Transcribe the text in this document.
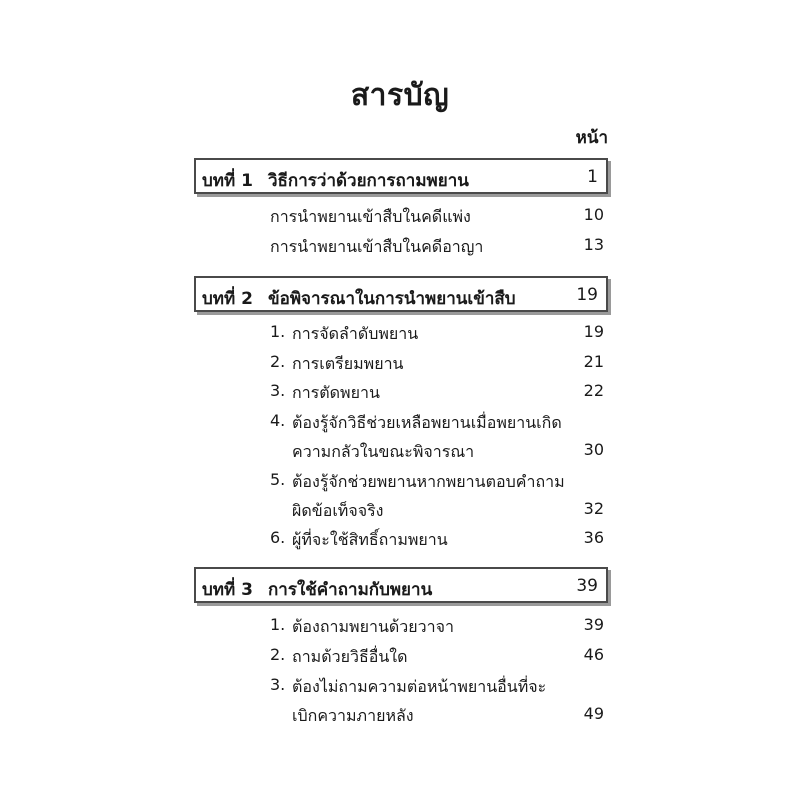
สารบัญ
หน้า
บทที่ 1 วิธีการว่าด้วยการถามพยาน	1
การนำพยานเข้าสืบในคดีแพ่ง	10
การนำพยานเข้าสืบในคดีอาญา	13
บทที่ 2 ข้อพิจารณาในการนำพยานเข้าสืบ	19
1. การจัดลำดับพยาน	19
2. การเตรียมพยาน	21
3. การตัดพยาน	22
4. ต้องรู้จักวิธีช่วยเหลือพยานเมื่อพยานเกิด
ความกลัวในขณะพิจารณา	30
5. ต้องรู้จักช่วยพยานหากพยานตอบคำถาม
ผิดข้อเท็จจริง	32
6. ผู้ที่จะใช้สิทธิ์ถามพยาน	36
บทที่ 3 การใช้คำถามกับพยาน	39
1. ต้องถามพยานด้วยวาจา	39
2. ถามด้วยวิธีอื่นใด	46
3. ต้องไม่ถามความต่อหน้าพยานอื่นที่จะ
เบิกความภายหลัง	49
